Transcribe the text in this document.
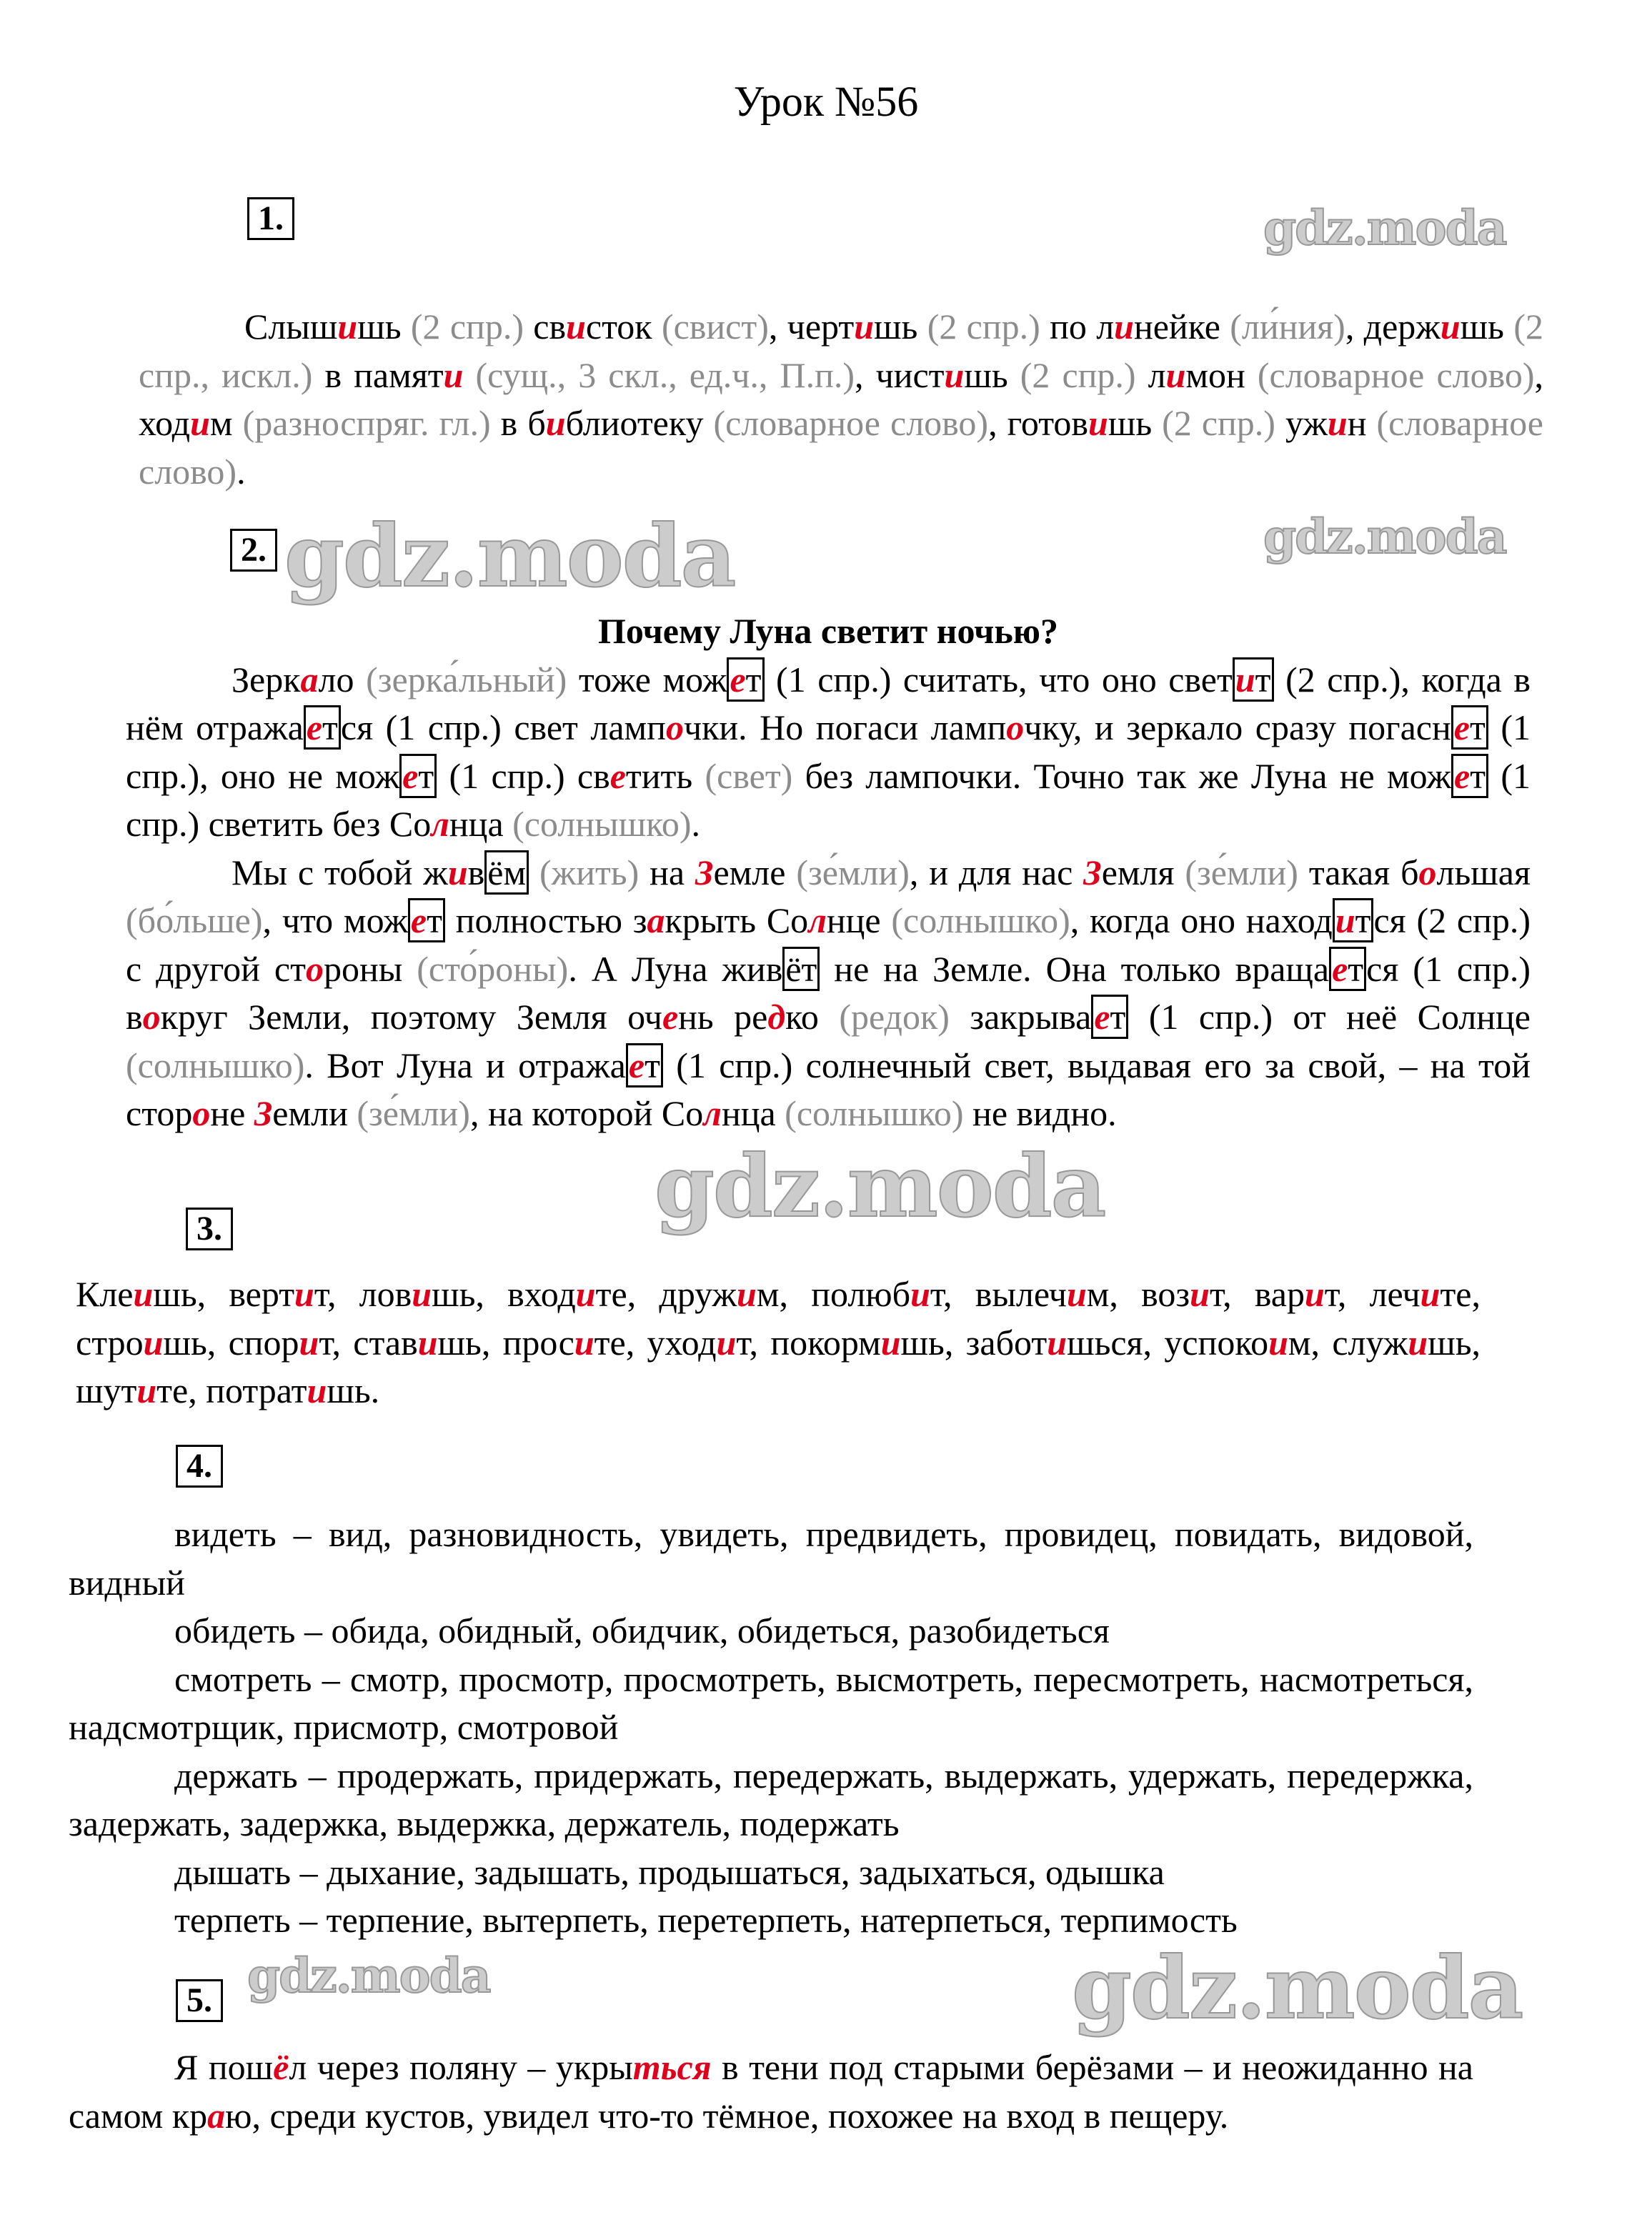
Урок №56
1.
2.
3.
4.
5.
gdz.moda
gdz.moda
gdz.moda
gdz.moda
gdz.moda	gdz.moda

Слышишь (2 спр.) свисток (свист), чертишь (2 спр.) по линейке (ли́ния), держишь (2 спр., искл.) в памяти (сущ., 3 скл., ед.ч., П.п.), чистишь (2 спр.) лимон (словарное слово), ходим (разноспряг. гл.) в библиотеку (словарное слово), готовишь (2 спр.) ужин (словарное слово).

Почему Луна светит ночью?

Зеркало (зерка́льный) тоже может (1 спр.) считать, что оно светит (2 спр.), когда в нём отражается (1 спр.) свет лампочки. Но погаси лампочку, и зеркало сразу погаснет (1 спр.), оно не может (1 спр.) светить (свет) без лампочки. Точно так же Луна не может (1 спр.) светить без Солнца (солнышко).

Мы с тобой живём (жить) на Земле (зе́мли), и для нас Земля (зе́мли) такая большая (бо́льше), что может полностью закрыть Солнце (солнышко), когда оно находится (2 спр.) с другой стороны (сто́роны). А Луна живёт не на Земле. Она только вращается (1 спр.) вокруг Земли, поэтому Земля очень редко (редок) закрывает (1 спр.) от неё Солнце (солнышко). Вот Луна и отражает (1 спр.) солнечный свет, выдавая его за свой, – на той стороне Земли (зе́мли), на которой Солнца (солнышко) не видно.

Клеишь, вертит, ловишь, входите, дружим, полюбит, вылечим, возит, варит, лечите, строишь, спорит, ставишь, просите, уходит, покормишь, заботишься, успокоим, служишь, шутите, потратишь.

видеть – вид, разновидность, увидеть, предвидеть, провидец, повидать, видовой, видный

обидеть – обида, обидный, обидчик, обидеться, разобидеться

смотреть – смотр, просмотр, просмотреть, высмотреть, пересмотреть, насмотреться, надсмотрщик, присмотр, смотровой

держать – продержать, придержать, передержать, выдержать, удержать, передержка, задержать, задержка, выдержка, держатель, подержать

дышать – дыхание, задышать, продышаться, задыхаться, одышка

терпеть – терпение, вытерпеть, перетерпеть, натерпеться, терпимость

Я пошёл через поляну – укрыться в тени под старыми берёзами – и неожиданно на самом краю, среди кустов, увидел что-то тёмное, похожее на вход в пещеру.
